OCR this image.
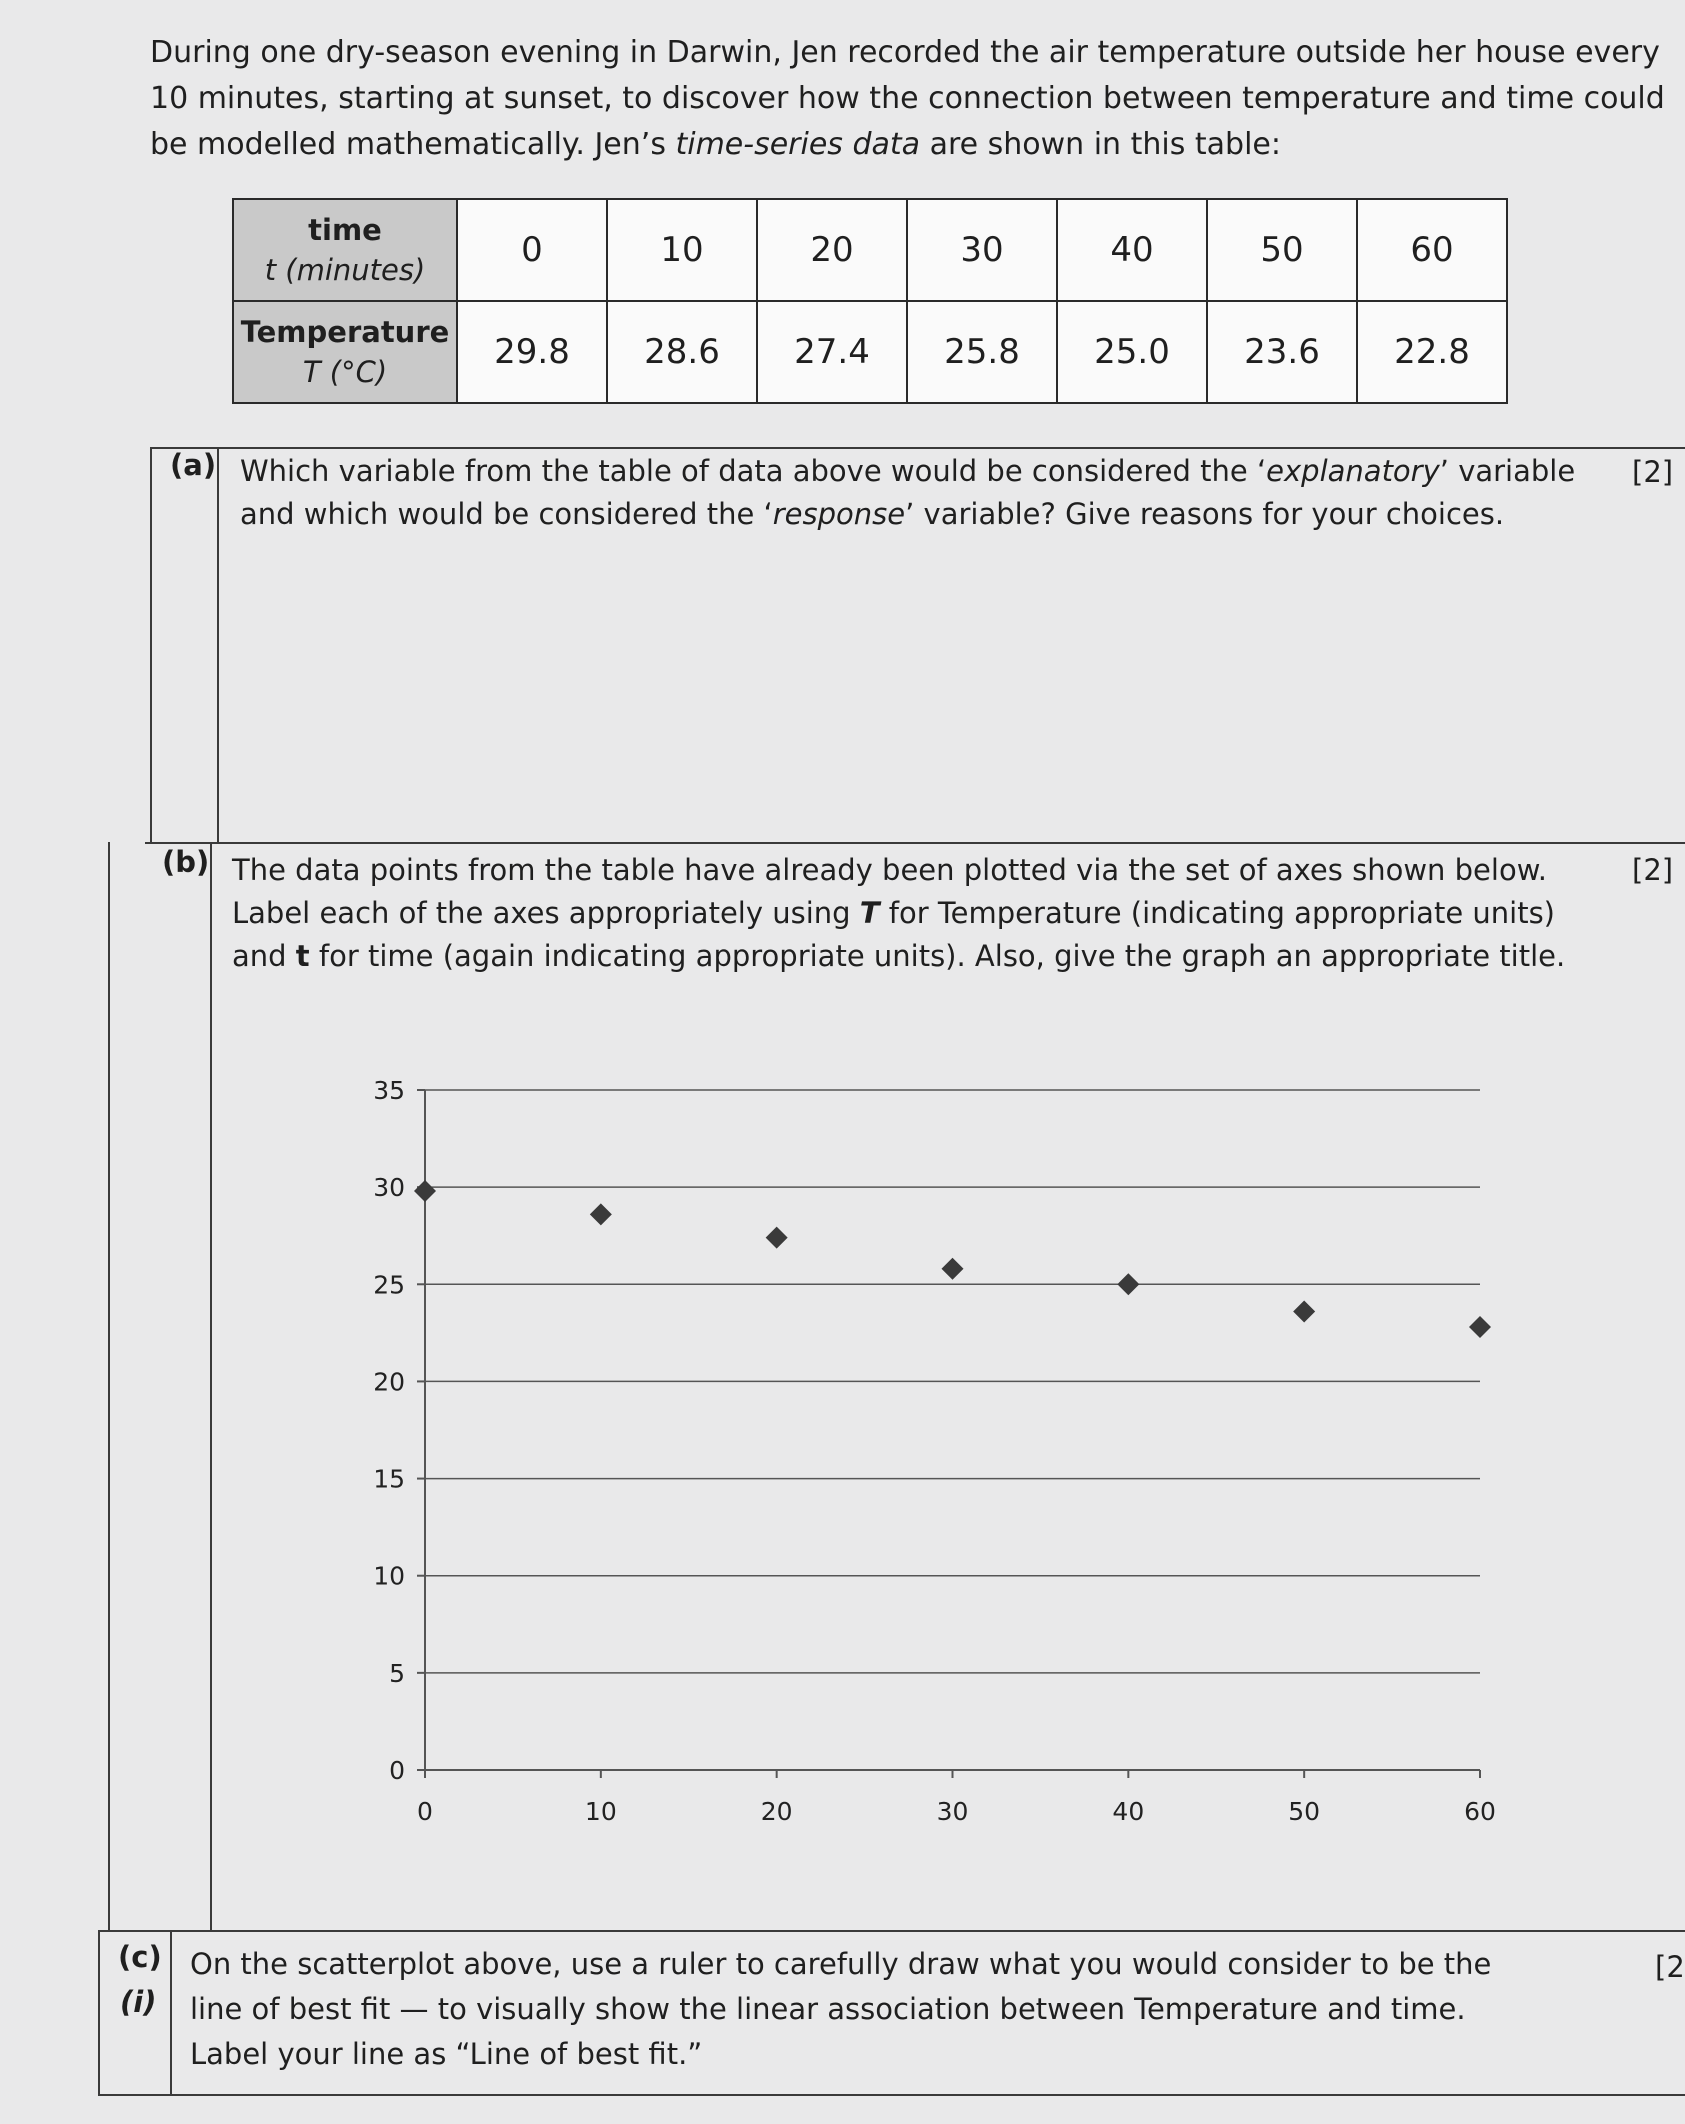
During one dry-season evening in Darwin, Jen recorded the air temperature outside her house every
10 minutes, starting at sunset, to discover how the connection between temperature and time could
be modelled mathematically. Jen’s time-series data are shown in this table:
time
t (minutes)	0	10	20	30	40	50	60
Temperature
T (°C)	29.8	28.6	27.4	25.8	25.0	23.6	22.8
(a) Which variable from the table of data above would be considered the ‘explanatory’ variable
and which would be considered the ‘response’ variable? Give reasons for your choices.
[2]
(b) The data points from the table have already been plotted via the set of axes shown below.
Label each of the axes appropriately using T for Temperature (indicating appropriate units)
and t for time (again indicating appropriate units). Also, give the graph an appropriate title.
[2]
0
5
10
15
20
25
30
35
0	10	20	30	40	50	60
(c)
(i)
On the scatterplot above, use a ruler to carefully draw what you would consider to be the
line of best fit — to visually show the linear association between Temperature and time.
Label your line as “Line of best fit.”
[2
